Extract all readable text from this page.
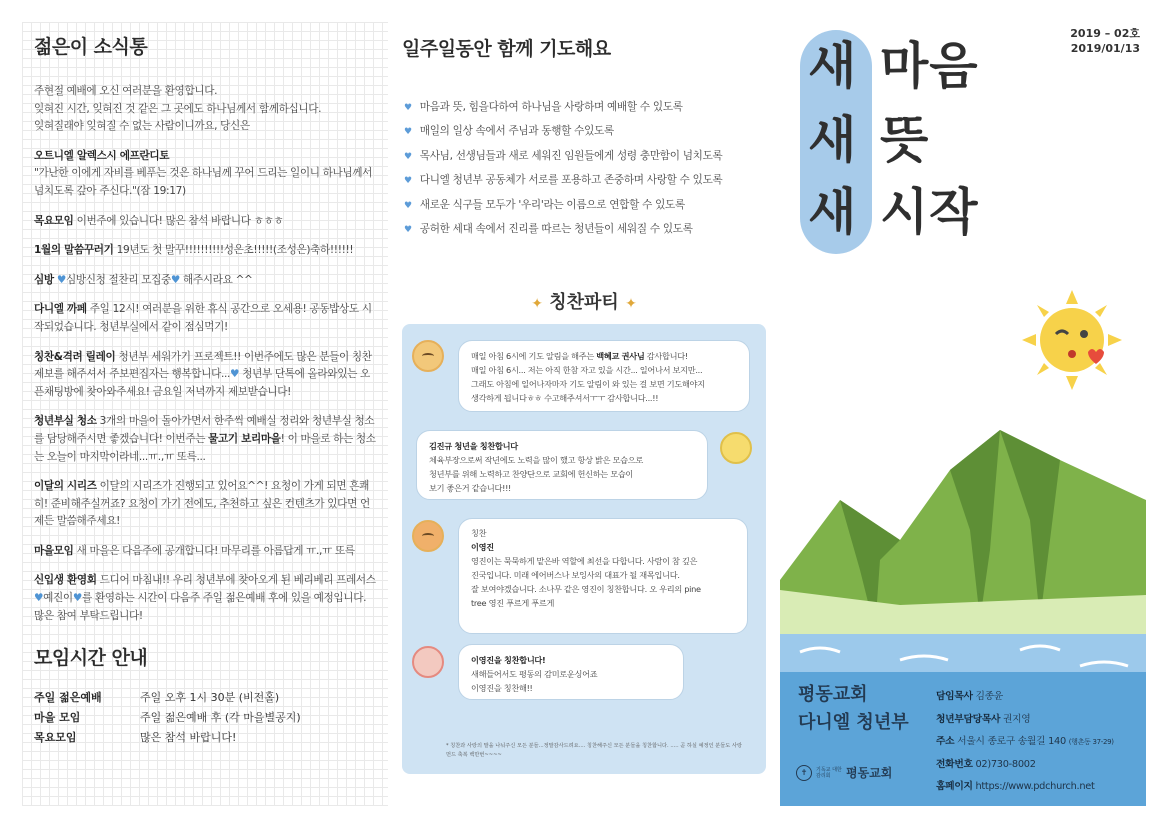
젊은이 소식통

주현절 예배에 오신 여러분을 환영합니다.
잊혀진 시간, 잊혀진 것 같은 그 곳에도 하나님께서 함께하십니다.
잊혀질래야 잊혀질 수 없는 사람이니까요, 당신은

오트니엘 알렉스시 에프란디토
"가난한 이에게 자비를 베푸는 것은 하나님께 꾸어 드리는 일이니 하나님께서 넘치도록 갚아 주신다."(잠 19:17)

목요모임 이번주에 있습니다! 많은 참석 바랍니다 ㅎㅎㅎ

1월의 말씀꾸러기 19년도 첫 말꾸!!!!!!!!!!성은초!!!!!(조성은)축하!!!!!!

심방 ♥심방신청 절찬리 모집중♥ 해주시라요 ^^

다니엘 까페 주일 12시! 여러분을 위한 휴식 공간으로 오세용! 공동밥상도 시작되었습니다. 청년부실에서 같이 점심먹기!

칭찬&격려 릴레이 청년부 세워가기 프로젝트!! 이번주에도 많은 분들이 칭찬 제보를 해주셔서 주보편집자는 행복합니다...♥ 청년부 단톡에 올라와있는 오픈채팅방에 찾아와주세요! 금요일 저녁까지 제보받습니다!

청년부실 청소 3개의 마을이 돌아가면서 한주씩 예배실 정리와 청년부실 청소를 담당해주시면 좋겠습니다! 이번주는 물고기 보리마을! 이 마을로 하는 청소는 오늘이 마지막이라네...ㅠ.,ㅠ 또륵...

이달의 시리즈 이달의 시리즈가 진행되고 있어요^^! 요청이 가게 되면 흔쾌히! 준비해주실꺼죠? 요청이 가기 전에도, 추천하고 싶은 컨텐츠가 있다면 언제든 말씀해주세요!

마을모임 새 마을은 다음주에 공개합니다! 마무리를 아름답게 ㅠ.,ㅠ 또륵

신입생 환영회 드디어 마침내!! 우리 청년부에 찾아오게 된 베리베리 프레서스 ♥예진이♥를 환영하는 시간이 다음주 주일 젊은예배 후에 있을 예정입니다. 많은 참여 부탁드립니다!

모임시간 안내
주일 젊은예배	주일 오후 1시 30분 (비전홀)
마을 모임	주일 젊은예배 후 (각 마을별공지)
목요모임	많은 참석 바랍니다!
일주일동안 함께 기도해요
♥ 마음과 뜻, 힘을다하여 하나님을 사랑하며 예배할 수 있도록
♥ 매일의 일상 속에서 주님과 동행할 수있도록
♥ 목사님, 선생님들과 새로 세워진 임원들에게 성령 충만함이 넘치도록
♥ 다니엘 청년부 공동체가 서로를 포용하고 존중하며 사랑할 수 있도록
♥ 새로운 식구들 모두가 '우리'라는 이름으로 연합할 수 있도록
♥ 공허한 세대 속에서 진리를 따르는 청년들이 세워질 수 있도록
✦ 칭찬파티 ✦
매일 아침 6시에 기도 알림을 해주는 백혜교 권사님 감사합니다!
매일 아침 6시... 저는 아직 한참 자고 있을 시간... 일어나서 보지만...
그래도 아침에 일어나자마자 기도 알림이 와 있는 걸 보면 기도해야지
생각하게 됩니다ㅎㅎ 수고해주셔서ㅜㅜ 감사합니다...!!
김진규 청년을 칭찬합니다
체육부장으로써 작년에도 노력을 많이 했고 항상 밝은 모습으로
청년부를 위해 노력하고 찬양단으로 교회에 헌신하는 모습이
보기 좋은거 같습니다!!!
칭찬
이영진
영진이는 묵묵하게 맡은바 역할에 최선을 다합니다. 사람이 참 깊은
진국입니다. 미래 에어버스나 보잉사의 대표가 될 재목입니다.
잘 보여야겠습니다. 소나무 같은 영진이 칭찬합니다. 오 우리의 pine
tree 영진 푸르게 푸르게
이영진을 칭찬합니다!
새해들어서도 평동의 감미로운싱어죠
이영진을 칭찬해!!
* 칭찬과 사랑의 말을 나눠주신 모든 분들...정말감사드려요.... 칭찬해주신 모든 분들을 칭찬합니다. ..... 곧 하실 예정인 분들도 사랑 먼드 축복 백만번~~~~
2019 – 02호
2019/01/13
새 마음
새 뜻
새 시작
평동교회
다니엘 청년부
✝	기독교 대한감리회	평동교회
담임목사 김종윤
청년부담당목사 권지영
주소 서울시 종로구 송월길 140 (행촌동 37-29)
전화번호 02)730-8002
홈페이지 https://www.pdchurch.net
